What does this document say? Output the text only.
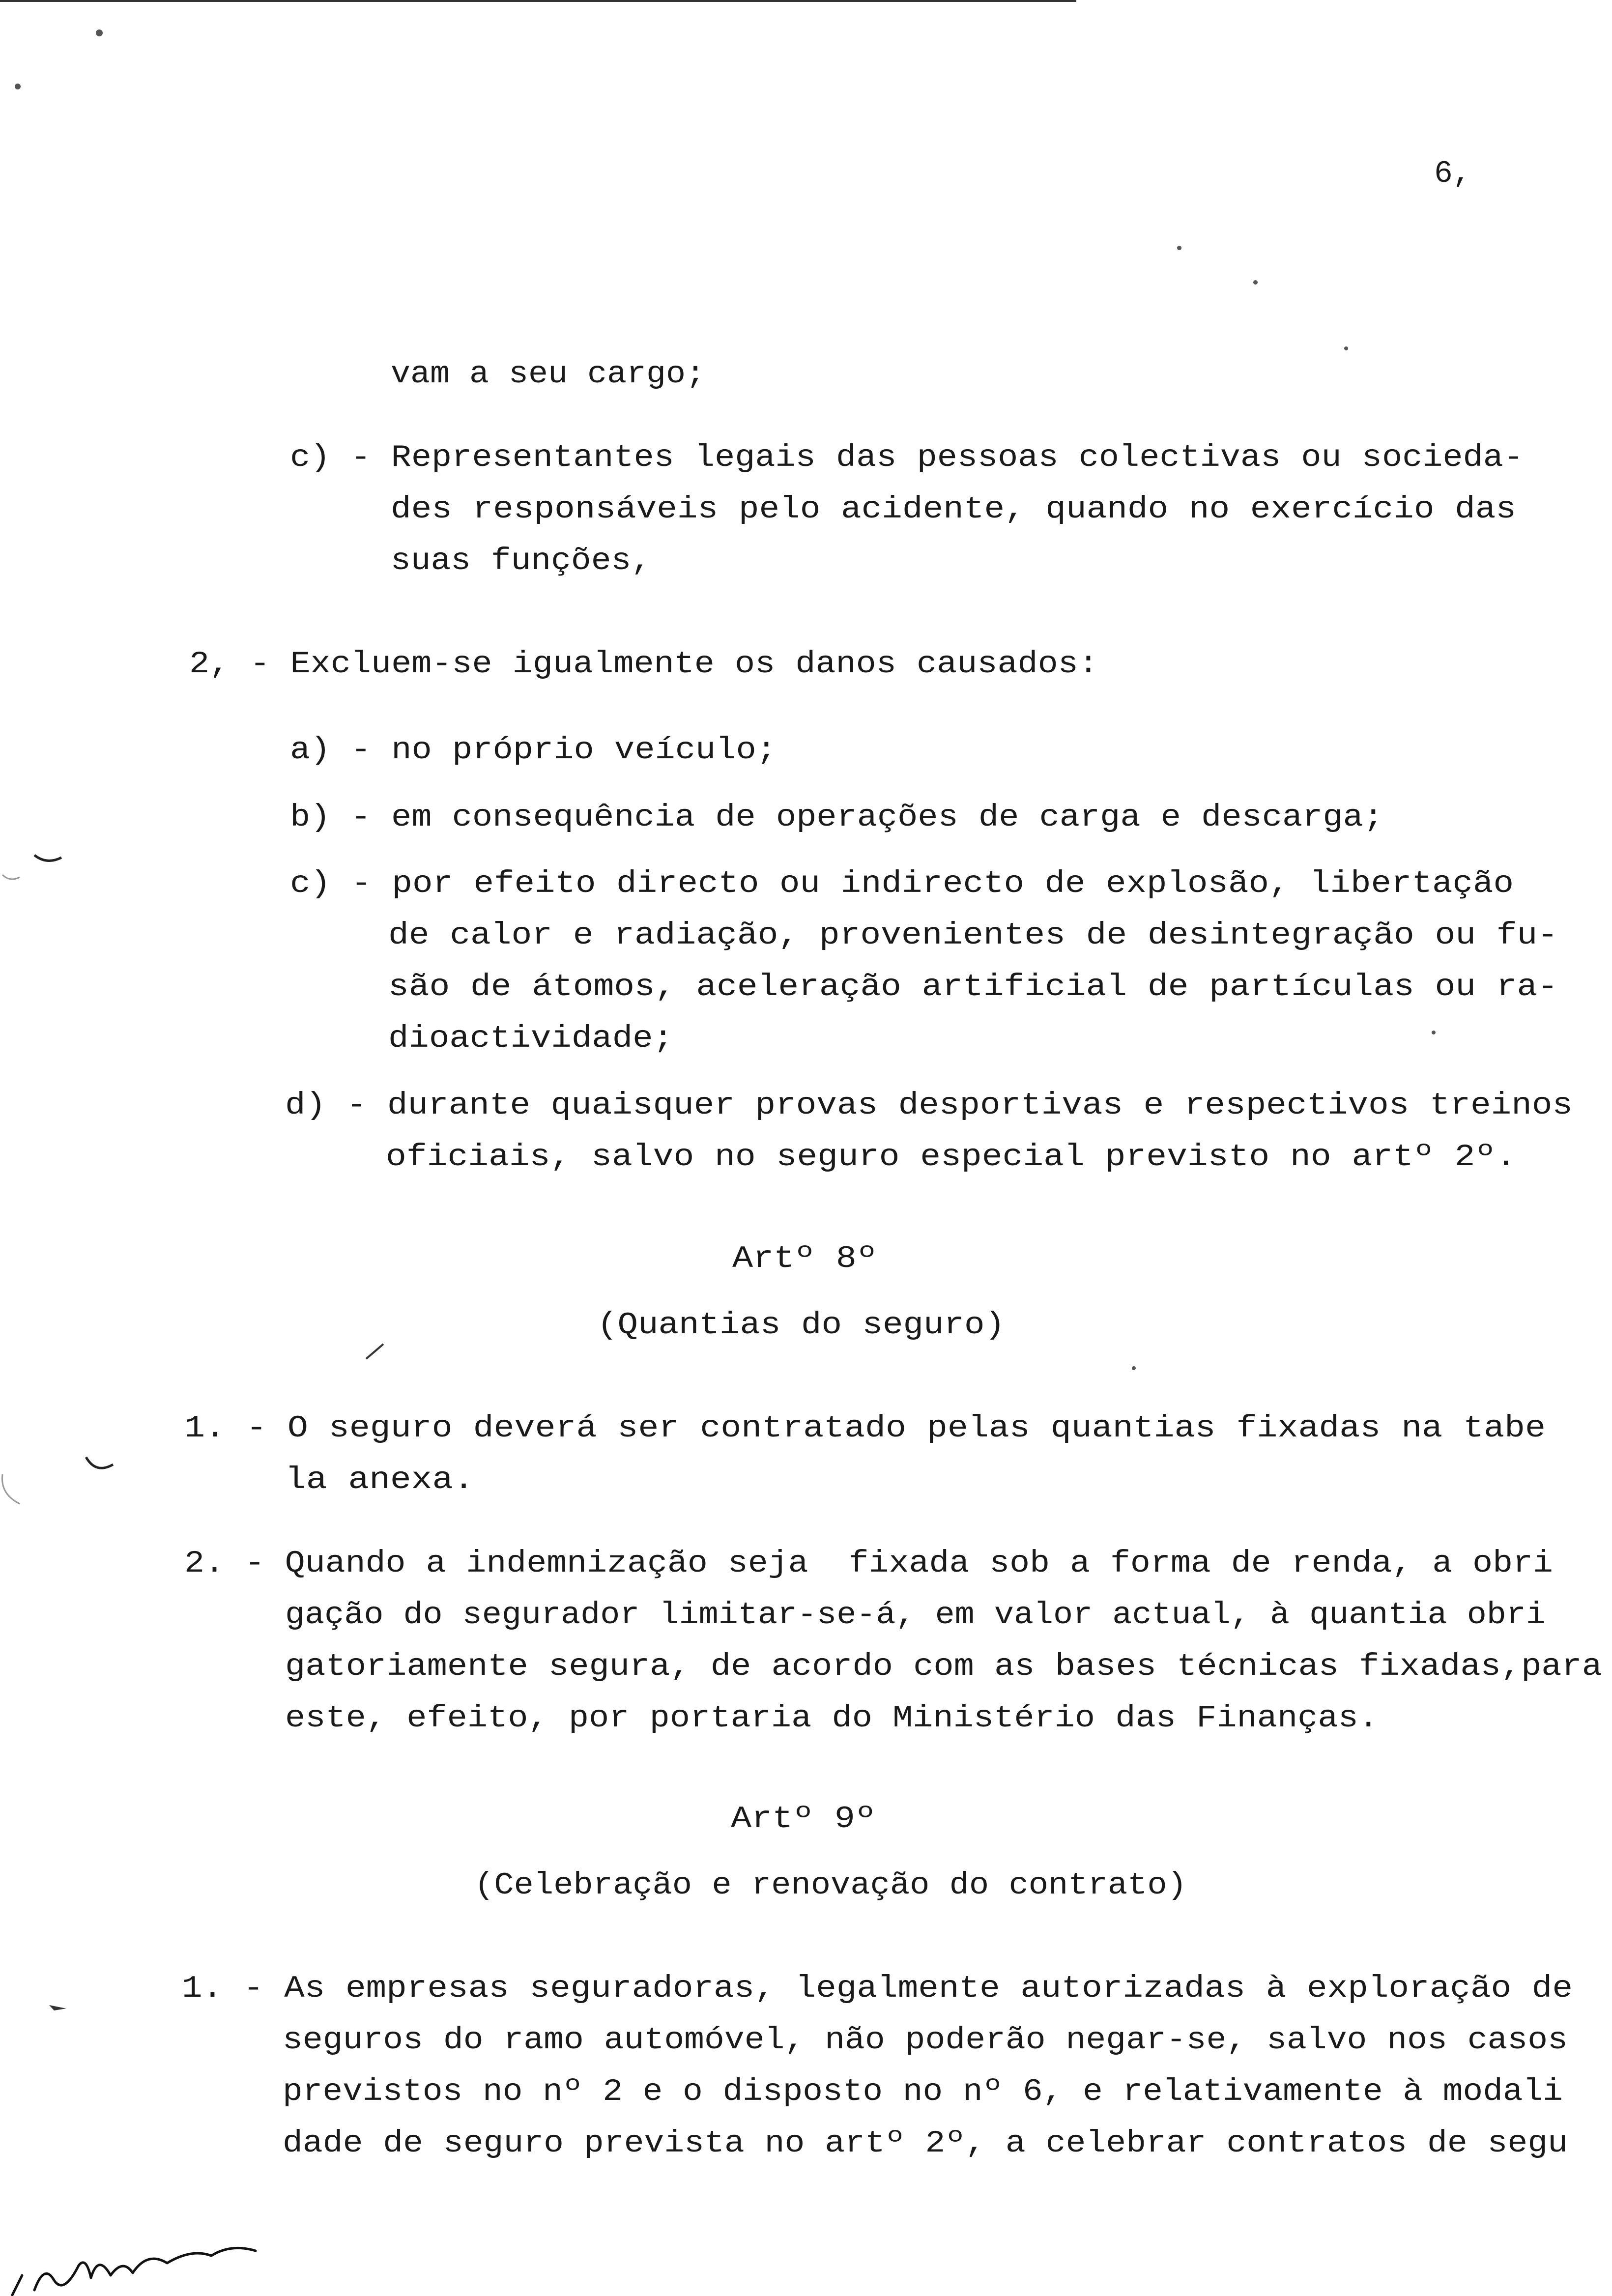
6,
vam a seu cargo;
c) - Representantes legais das pessoas colectivas ou socieda-
des responsáveis pelo acidente, quando no exercício das
suas funções,
2, - Excluem-se igualmente os danos causados:
a) - no próprio veículo;
b) - em consequência de operações de carga e descarga;
c) - por efeito directo ou indirecto de explosão, libertação
de calor e radiação, provenientes de desintegração ou fu-
são de átomos, aceleração artificial de partículas ou ra-
dioactividade;
d) - durante quaisquer provas desportivas e respectivos treinos
oficiais, salvo no seguro especial previsto no artº 2º.
Artº 8º
(Quantias do seguro)
1. - O seguro deverá ser contratado pelas quantias fixadas na tabe
la anexa.
2. - Quando a indemnização seja  fixada sob a forma de renda, a obri
gação do segurador limitar-se-á, em valor actual, à quantia obri
gatoriamente segura, de acordo com as bases técnicas fixadas,para
este, efeito, por portaria do Ministério das Finanças.
Artº 9º
(Celebração e renovação do contrato)
1. - As empresas seguradoras, legalmente autorizadas à exploração de
seguros do ramo automóvel, não poderão negar-se, salvo nos casos
previstos no nº 2 e o disposto no nº 6, e relativamente à modali
dade de seguro prevista no artº 2º, a celebrar contratos de segu
